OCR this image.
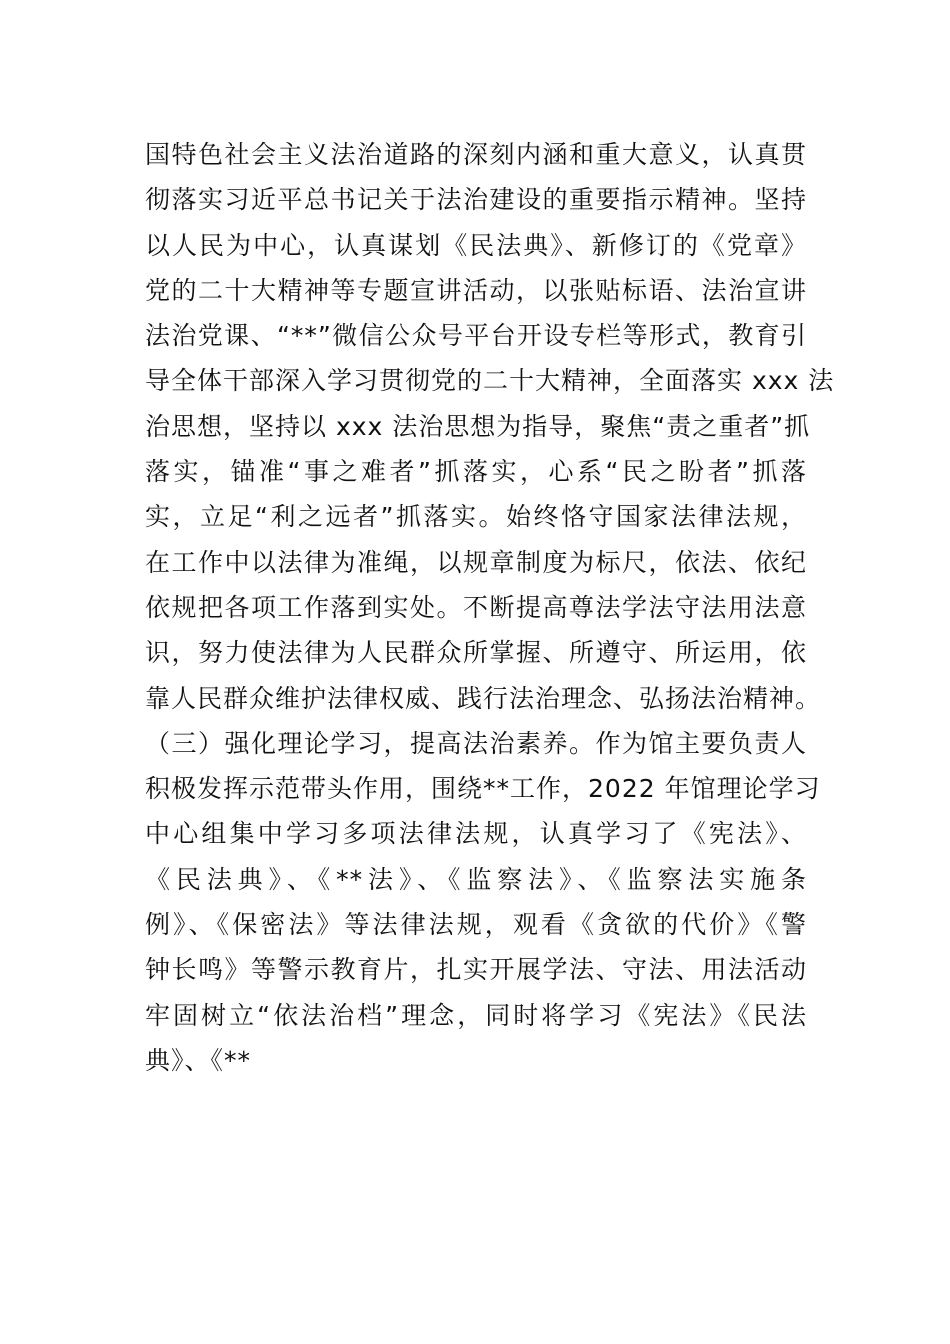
国特色社会主义法治道路的深刻内涵和重大意义，认真贯
彻落实习近平总书记关于法治建设的重要指示精神。坚持
以人民为中心，认真谋划《民法典》、新修订的《党章》
党的二十大精神等专题宣讲活动，以张贴标语、法治宣讲
法治党课、“**”微信公众号平台开设专栏等形式，教育引
导全体干部深入学习贯彻党的二十大精神，全面落实 xxx 法
治思想，坚持以 xxx 法治思想为指导，聚焦“责之重者”抓
落实，锚准“事之难者”抓落实，心系“民之盼者”抓落
实，立足“利之远者”抓落实。始终恪守国家法律法规，
在工作中以法律为准绳，以规章制度为标尺，依法、依纪
依规把各项工作落到实处。不断提高尊法学法守法用法意
识，努力使法律为人民群众所掌握、所遵守、所运用，依
靠人民群众维护法律权威、践行法治理念、弘扬法治精神。
（三）强化理论学习，提高法治素养。作为馆主要负责人
积极发挥示范带头作用，围绕**工作，2022 年馆理论学习
中心组集中学习多项法律法规，认真学习了《宪法》、
《民法典》、《**法》、《监察法》、《监察法实施条
例》、《保密法》等法律法规，观看《贪欲的代价》《警
钟长鸣》等警示教育片，扎实开展学法、守法、用法活动
牢固树立“依法治档”理念，同时将学习《宪法》《民法
典》、《**
